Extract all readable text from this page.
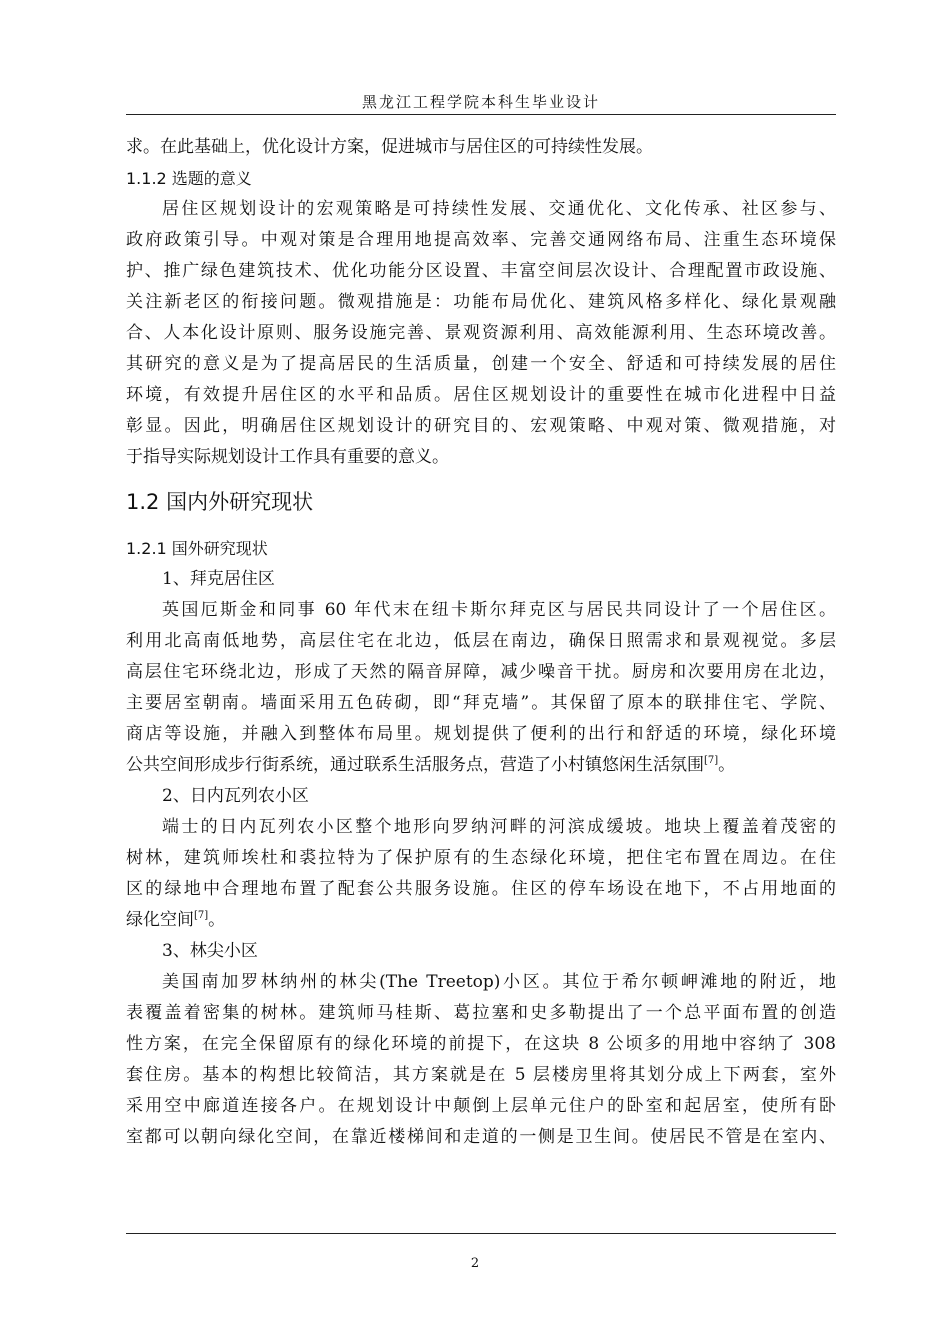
黑龙江工程学院本科生毕业设计
求。在此基础上，优化设计方案，促进城市与居住区的可持续性发展。
1.1.2 选题的意义
居住区规划设计的宏观策略是可持续性发展、交通优化、文化传承、社区参与、
政府政策引导。中观对策是合理用地提高效率、完善交通网络布局、注重生态环境保
护、推广绿色建筑技术、优化功能分区设置、丰富空间层次设计、合理配置市政设施、
关注新老区的衔接问题。微观措施是：功能布局优化、建筑风格多样化、绿化景观融
合、人本化设计原则、服务设施完善、景观资源利用、高效能源利用、生态环境改善。
其研究的意义是为了提高居民的生活质量，创建一个安全、舒适和可持续发展的居住
环境，有效提升居住区的水平和品质。居住区规划设计的重要性在城市化进程中日益
彰显。因此，明确居住区规划设计的研究目的、宏观策略、中观对策、微观措施，对
于指导实际规划设计工作具有重要的意义。
1.2 国内外研究现状
1.2.1 国外研究现状
1、拜克居住区
英国厄斯金和同事 60 年代末在纽卡斯尔拜克区与居民共同设计了一个居住区。
利用北高南低地势，高层住宅在北边，低层在南边，确保日照需求和景观视觉。多层
高层住宅环绕北边，形成了天然的隔音屏障，减少噪音干扰。厨房和次要用房在北边，
主要居室朝南。墙面采用五色砖砌，即“拜克墙”。其保留了原本的联排住宅、学院、
商店等设施，并融入到整体布局里。规划提供了便利的出行和舒适的环境，绿化环境
公共空间形成步行街系统，通过联系生活服务点，营造了小村镇悠闲生活氛围[7]。
2、日内瓦列农小区
端士的日内瓦列农小区整个地形向罗纳河畔的河滨成缓坡。地块上覆盖着茂密的
树林，建筑师埃杜和裘拉特为了保护原有的生态绿化环境，把住宅布置在周边。在住
区的绿地中合理地布置了配套公共服务设施。住区的停车场设在地下，不占用地面的
绿化空间[7]。
3、林尖小区
美国南加罗林纳州的林尖(The Treetop)小区。其位于希尔顿岬滩地的附近，地
表覆盖着密集的树林。建筑师马桂斯、葛拉塞和史多勒提出了一个总平面布置的创造
性方案，在完全保留原有的绿化环境的前提下，在这块 8 公顷多的用地中容纳了 308
套住房。基本的构想比较简洁，其方案就是在 5 层楼房里将其划分成上下两套，室外
采用空中廊道连接各户。在规划设计中颠倒上层单元住户的卧室和起居室，使所有卧
室都可以朝向绿化空间，在靠近楼梯间和走道的一侧是卫生间。使居民不管是在室内、
2
